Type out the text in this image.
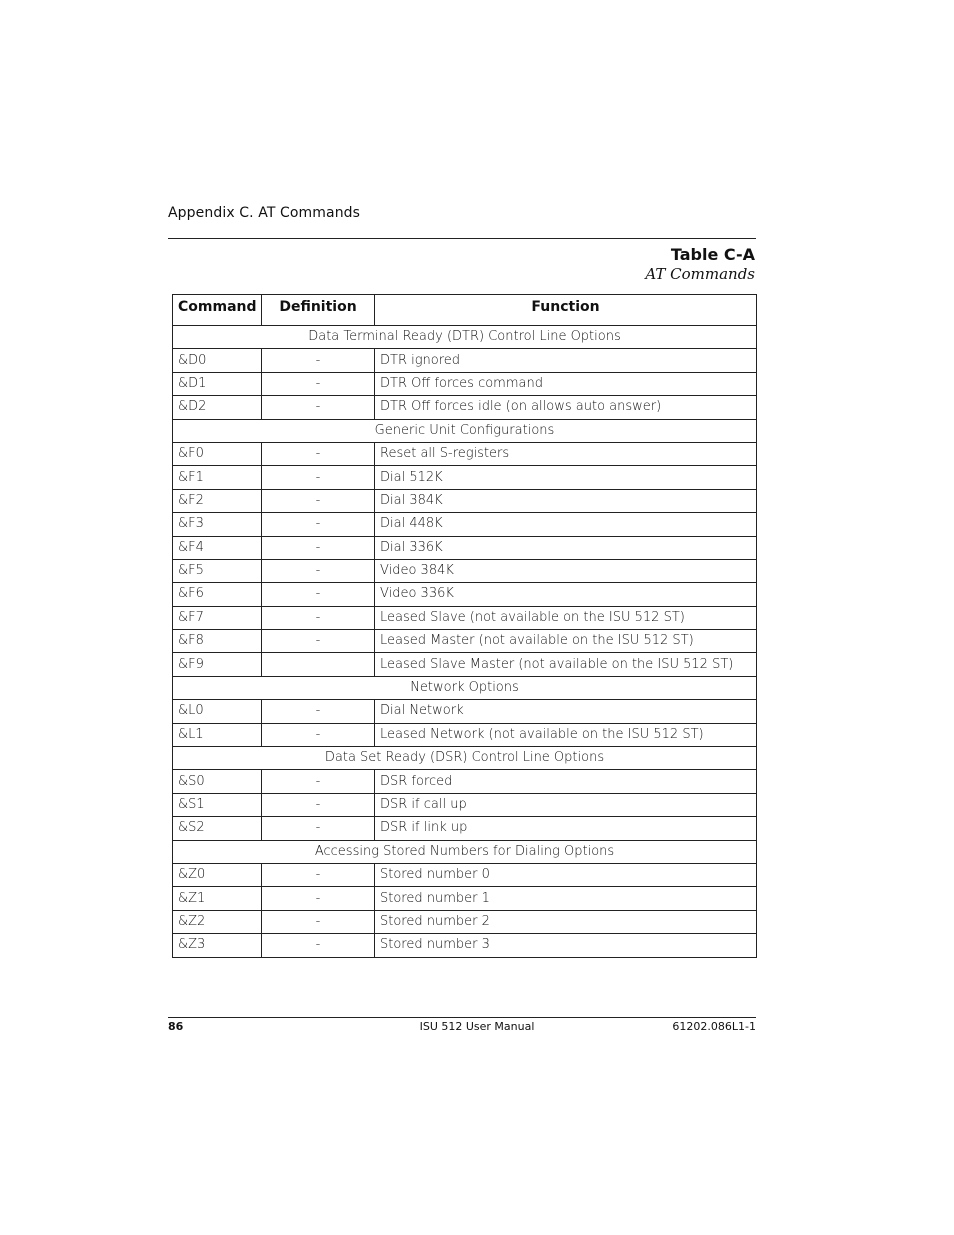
Appendix C. AT Commands
Table C-A
AT Commands
Command	Definition	Function
Data Terminal Ready (DTR) Control Line Options		
&D0	-	DTR ignored
&D1	-	DTR Off forces command
&D2	-	DTR Off forces idle (on allows auto answer)
Generic Unit Configurations		
&F0	-	Reset all S-registers
&F1	-	Dial 512K
&F2	-	Dial 384K
&F3	-	Dial 448K
&F4	-	Dial 336K
&F5	-	Video 384K
&F6	-	Video 336K
&F7	-	Leased Slave (not available on the ISU 512 ST)
&F8	-	Leased Master (not available on the ISU 512 ST)
&F9		Leased Slave Master (not available on the ISU 512 ST)
Network Options		
&L0	-	Dial Network
&L1	-	Leased Network (not available on the ISU 512 ST)
Data Set Ready (DSR) Control Line Options		
&S0	-	DSR forced
&S1	-	DSR if call up
&S2	-	DSR if link up
Accessing Stored Numbers for Dialing Options		
&Z0	-	Stored number 0
&Z1	-	Stored number 1
&Z2	-	Stored number 2
&Z3	-	Stored number 3
86	ISU 512 User Manual	61202.086L1-1
